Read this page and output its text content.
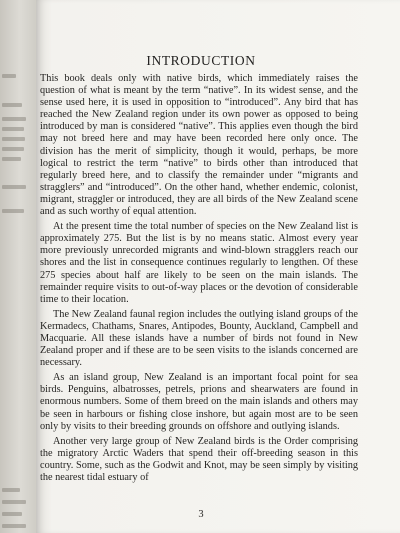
INTRODUCTION

This book deals only with native birds, which immediately raises the question of what is meant by the term “native”. In its widest sense, and the sense used here, it is used in opposition to “introduced”. Any bird that has reached the New Zealand region under its own power as opposed to being introduced by man is considered “native”. This applies even though the bird may not breed here and may have been recorded here only once. The division has the merit of simplicity, though it would, perhaps, be more logical to restrict the term “native” to birds other than introduced that regularly breed here, and to classify the remainder under “migrants and stragglers” and “introduced”. On the other hand, whether endemic, colonist, migrant, straggler or introduced, they are all birds of the New Zealand scene and as such worthy of equal attention.

At the present time the total number of species on the New Zealand list is approximately 275. But the list is by no means static. Almost every year more previously unrecorded migrants and wind-blown stragglers reach our shores and the list in consequence continues regularly to lengthen. Of these 275 species about half are likely to be seen on the main islands. The remainder require visits to out-of-way places or the devotion of considerable time to their location.

The New Zealand faunal region includes the outlying island groups of the Kermadecs, Chathams, Snares, Antipodes, Bounty, Auckland, Campbell and Macquarie. All these islands have a number of birds not found in New Zealand proper and if these are to be seen visits to the islands concerned are necessary.

As an island group, New Zealand is an important focal point for sea birds. Penguins, albatrosses, petrels, prions and shearwaters are found in enormous numbers. Some of them breed on the main islands and others may be seen in harbours or fishing close inshore, but again most are to be seen only by visits to their breeding grounds on offshore and outlying islands.

Another very large group of New Zealand birds is the Order comprising the migratory Arctic Waders that spend their off-breeding season in this country. Some, such as the Godwit and Knot, may be seen simply by visiting the nearest tidal estuary of

3
